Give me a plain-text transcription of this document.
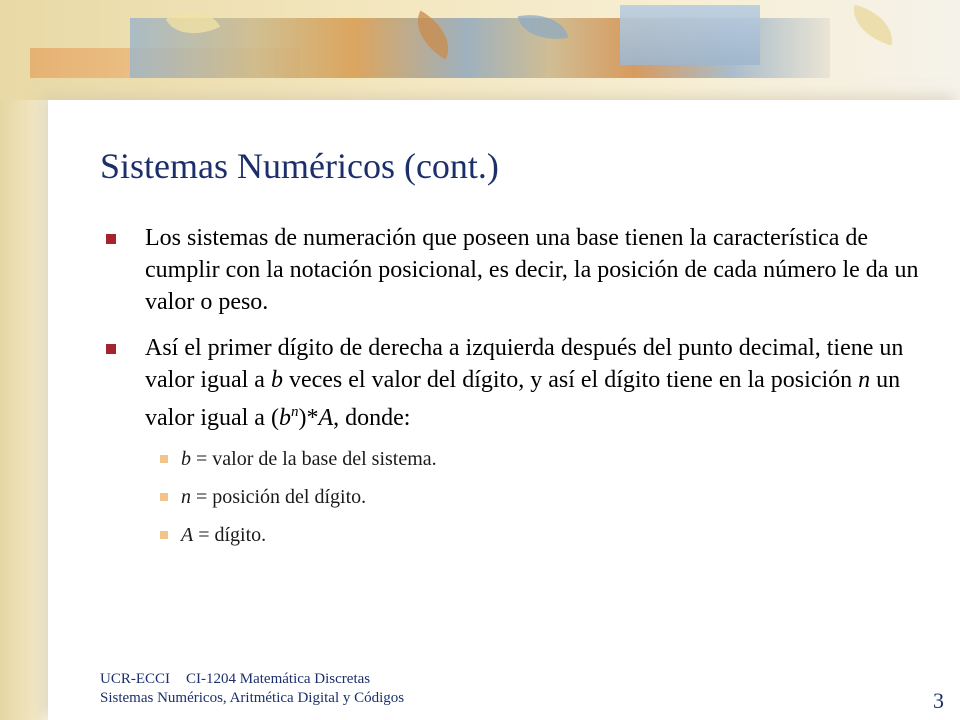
Sistemas Numéricos (cont.)
Los sistemas de numeración que poseen una base tienen la característica de cumplir con la notación posicional, es decir, la posición de cada número le da un valor o peso.
Así el primer dígito de derecha a izquierda después del punto decimal, tiene un valor igual a b veces el valor del dígito, y así el dígito tiene en la posición n un valor igual a $(b^n)*A$, donde:
b = valor de la base del sistema.
n = posición del dígito.
A = dígito.
UCR-ECCI CI-1204 Matemática Discretas
Sistemas Numéricos, Aritmética Digital y Códigos	3
